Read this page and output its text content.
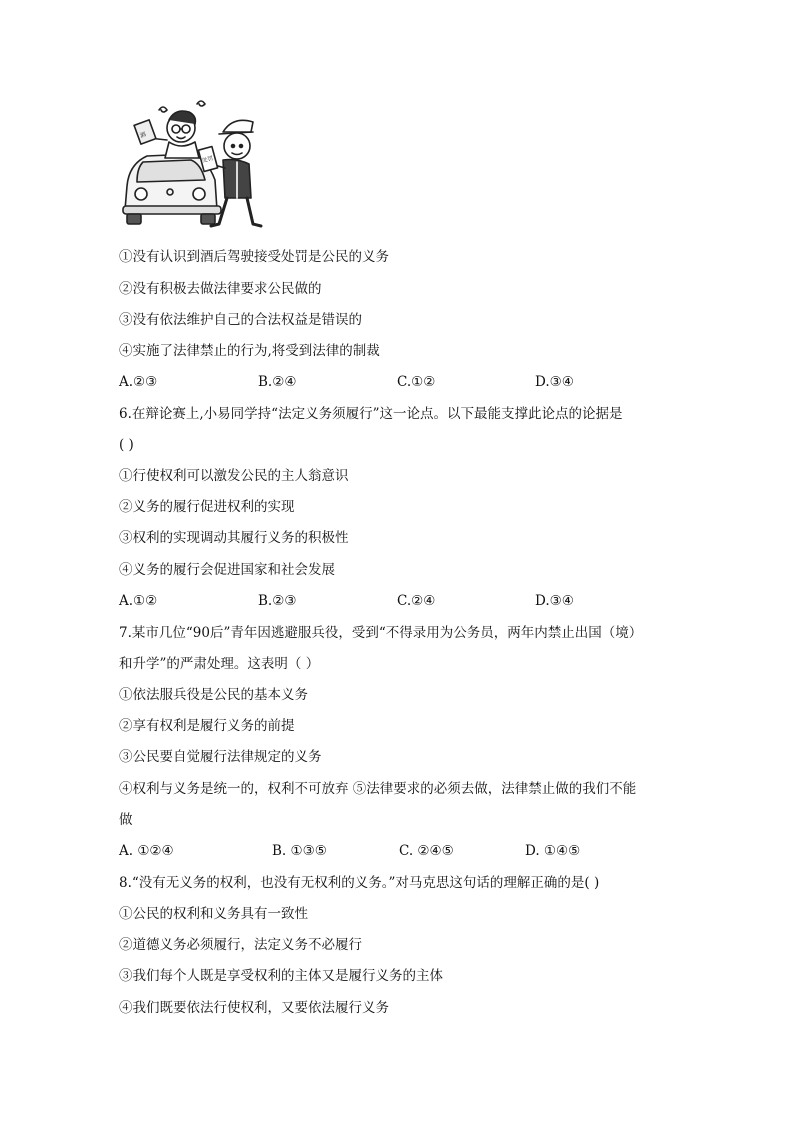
酒
处罚
①没有认识到酒后驾驶接受处罚是公民的义务
②没有积极去做法律要求公民做的
③没有依法维护自己的合法权益是错误的
④实施了法律禁止的行为,将受到法律的制裁
A.②③	B.②④	C.①②	D.③④
6.在辩论赛上,小易同学持“法定义务须履行”这一论点。以下最能支撑此论点的论据是
( )
①行使权利可以激发公民的主人翁意识
②义务的履行促进权利的实现
③权利的实现调动其履行义务的积极性
④义务的履行会促进国家和社会发展
A.①②	B.②③	C.②④	D.③④
7.某市几位“90后”青年因逃避服兵役，受到“不得录用为公务员，两年内禁止出国（境）
和升学”的严肃处理。这表明（ ）
①依法服兵役是公民的基本义务
②享有权利是履行义务的前提
③公民要自觉履行法律规定的义务
④权利与义务是统一的，权利不可放弃 ⑤法律要求的必须去做，法律禁止做的我们不能
做
A. ①②④	B. ①③⑤	C. ②④⑤	D. ①④⑤
8.“没有无义务的权利，也没有无权利的义务。”对马克思这句话的理解正确的是( )
①公民的权利和义务具有一致性
②道德义务必须履行，法定义务不必履行
③我们每个人既是享受权利的主体又是履行义务的主体
④我们既要依法行使权利，又要依法履行义务
